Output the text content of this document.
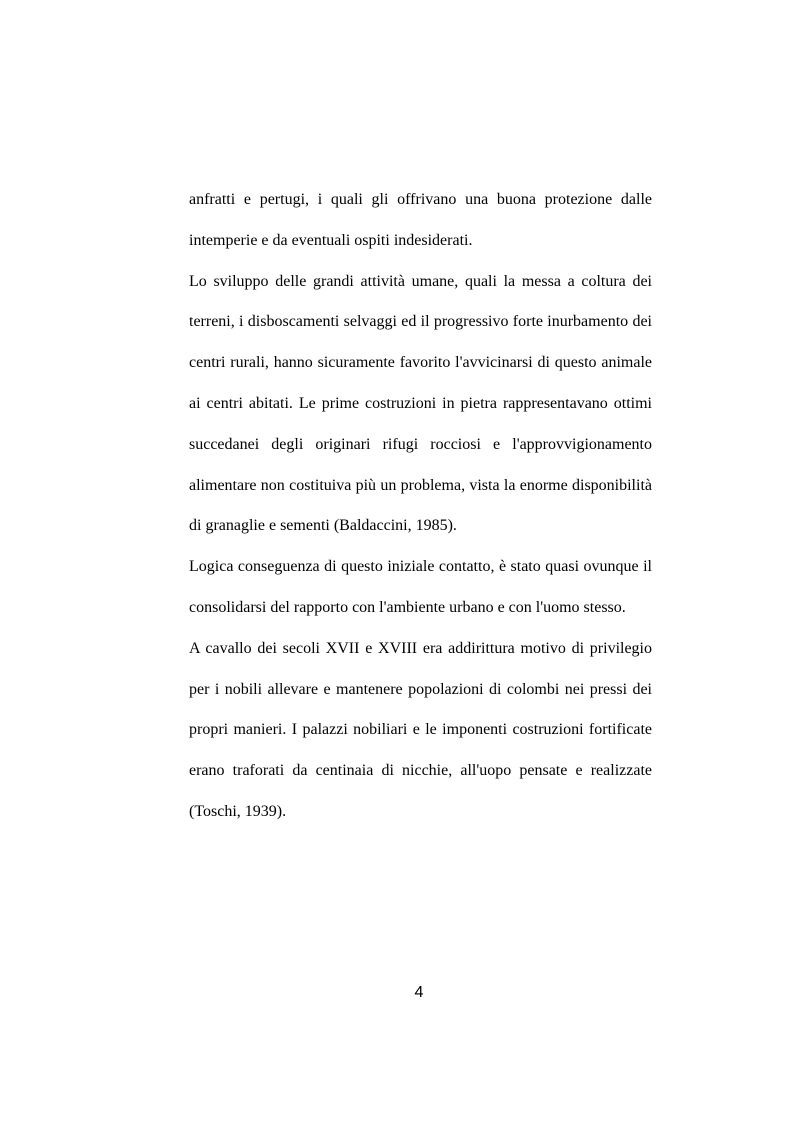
anfratti e pertugi, i quali gli offrivano una buona protezione dalle intemperie e da eventuali ospiti indesiderati.

Lo sviluppo delle grandi attività umane, quali la messa a coltura dei terreni, i disboscamenti selvaggi ed il progressivo forte inurbamento dei centri rurali, hanno sicuramente favorito l'avvicinarsi di questo animale ai centri abitati. Le prime costruzioni in pietra rappresentavano ottimi succedanei degli originari rifugi rocciosi e l'approvvigionamento alimentare non costituiva più un problema, vista la enorme disponibilità di granaglie e sementi (Baldaccini, 1985).

Logica conseguenza di questo iniziale contatto, è stato quasi ovunque il consolidarsi del rapporto con l'ambiente urbano e con l'uomo stesso.

A cavallo dei secoli XVII e XVIII era addirittura motivo di privilegio per i nobili allevare e mantenere popolazioni di colombi nei pressi dei propri manieri. I palazzi nobiliari e le imponenti costruzioni fortificate erano traforati da centinaia di nicchie, all'uopo pensate e realizzate (Toschi, 1939).

4
